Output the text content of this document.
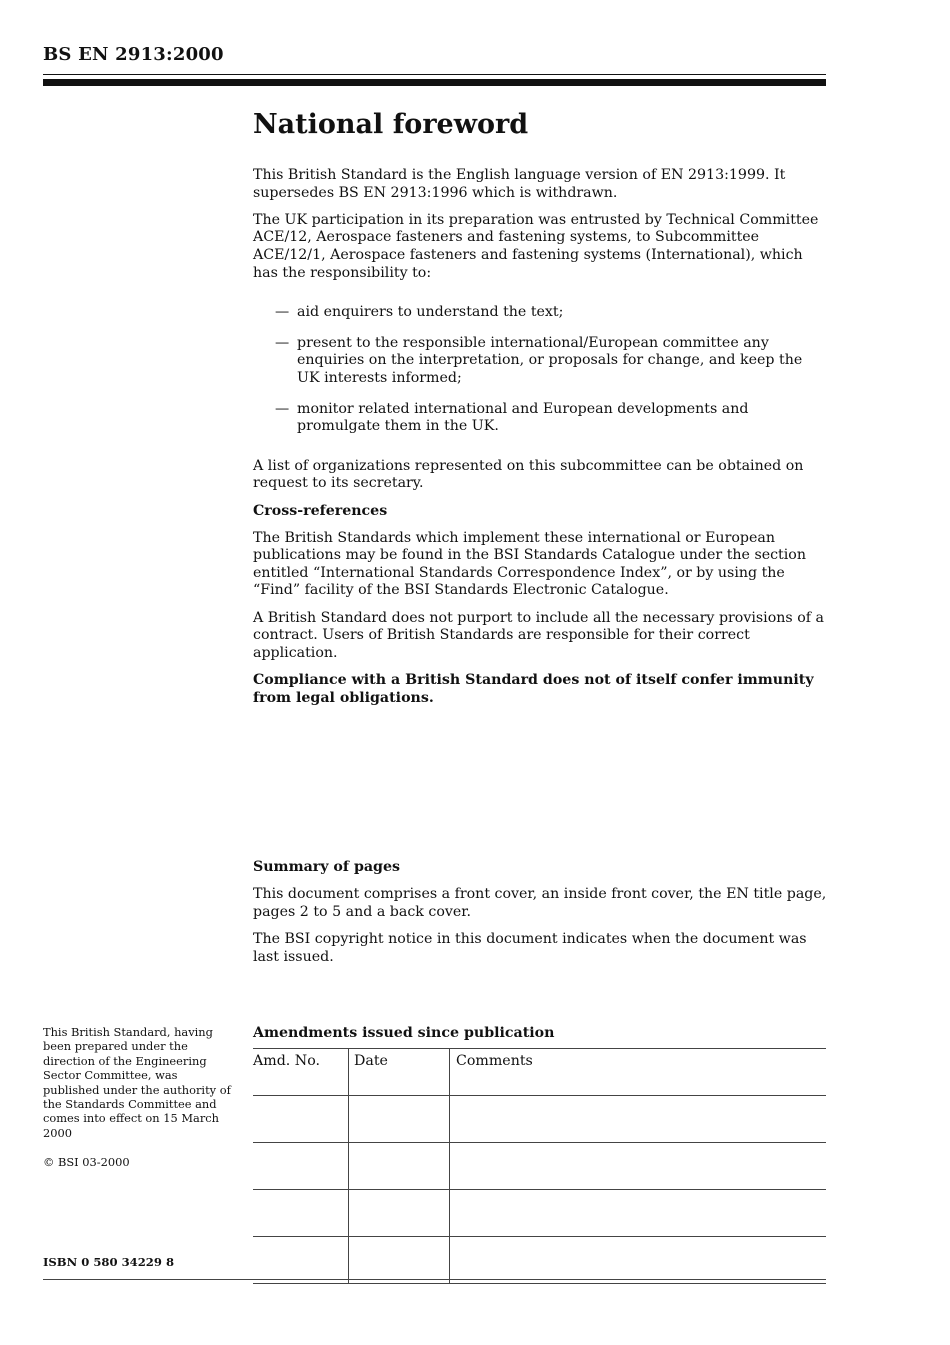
BS EN 2913:2000
National foreword

This British Standard is the English language version of EN 2913:1999. It supersedes BS EN 2913:1996 which is withdrawn.

The UK participation in its preparation was entrusted by Technical Committee ACE/12, Aerospace fasteners and fastening systems, to Subcommittee ACE/12/1, Aerospace fasteners and fastening systems (International), which has the responsibility to:

— aid enquirers to understand the text;
— present to the responsible international/European committee any enquiries on the interpretation, or proposals for change, and keep the UK interests informed;
— monitor related international and European developments and promulgate them in the UK.

A list of organizations represented on this subcommittee can be obtained on request to its secretary.

Cross-references

The British Standards which implement these international or European publications may be found in the BSI Standards Catalogue under the section entitled “International Standards Correspondence Index”, or by using the “Find” facility of the BSI Standards Electronic Catalogue.

A British Standard does not purport to include all the necessary provisions of a contract. Users of British Standards are responsible for their correct application.

Compliance with a British Standard does not of itself confer immunity from legal obligations.

Summary of pages

This document comprises a front cover, an inside front cover, the EN title page, pages 2 to 5 and a back cover.

The BSI copyright notice in this document indicates when the document was last issued.

This British Standard, having been prepared under the direction of the Engineering Sector Committee, was published under the authority of the Standards Committee and comes into effect on 15 March 2000
© BSI 03-2000
ISBN 0 580 34229 8
Amendments issued since publication
Amd. No.	Date	Comments
